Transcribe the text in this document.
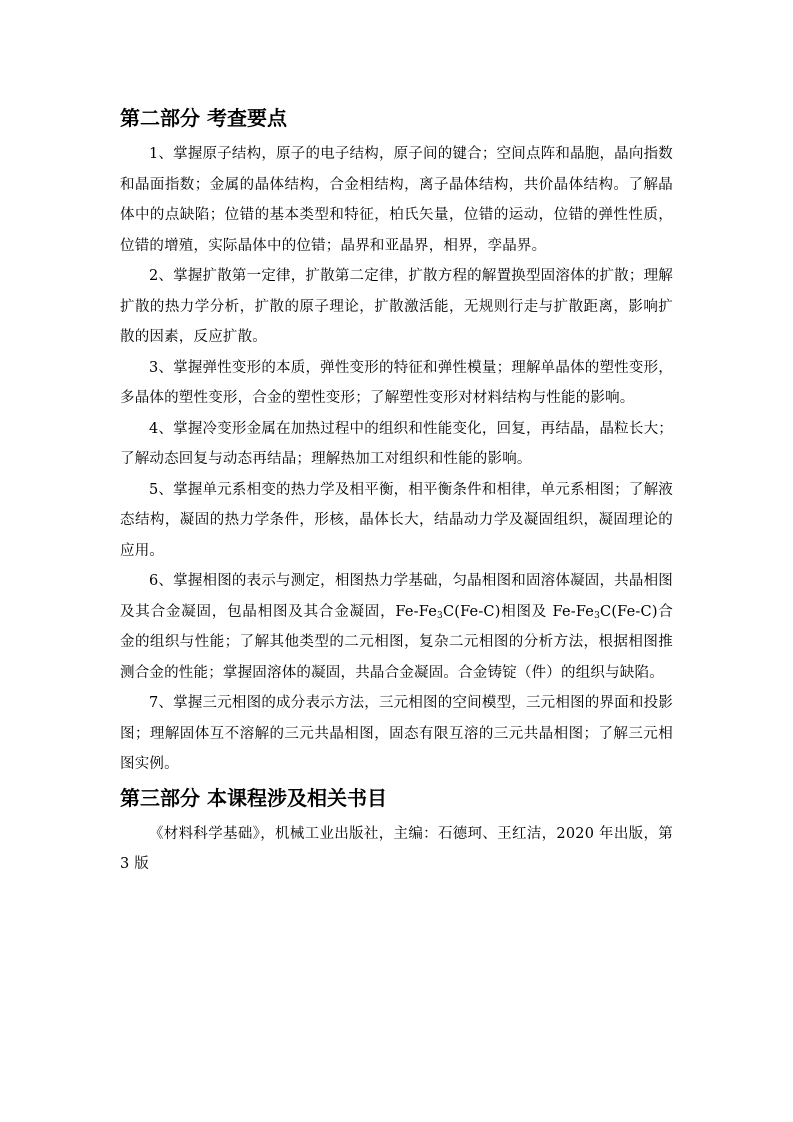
第二部分 考查要点

1、掌握原子结构，原子的电子结构，原子间的键合；空间点阵和晶胞，晶向指数和晶面指数；金属的晶体结构，合金相结构，离子晶体结构，共价晶体结构。了解晶体中的点缺陷；位错的基本类型和特征，柏氏矢量，位错的运动，位错的弹性性质，位错的增殖，实际晶体中的位错；晶界和亚晶界，相界，孪晶界。

2、掌握扩散第一定律，扩散第二定律，扩散方程的解置换型固溶体的扩散；理解扩散的热力学分析，扩散的原子理论，扩散激活能，无规则行走与扩散距离，影响扩散的因素，反应扩散。

3、掌握弹性变形的本质，弹性变形的特征和弹性模量；理解单晶体的塑性变形，多晶体的塑性变形，合金的塑性变形；了解塑性变形对材料结构与性能的影响。

4、掌握冷变形金属在加热过程中的组织和性能变化，回复，再结晶，晶粒长大；了解动态回复与动态再结晶；理解热加工对组织和性能的影响。

5、掌握单元系相变的热力学及相平衡，相平衡条件和相律，单元系相图；了解液态结构，凝固的热力学条件，形核，晶体长大，结晶动力学及凝固组织，凝固理论的应用。

6、掌握相图的表示与测定，相图热力学基础，匀晶相图和固溶体凝固，共晶相图及其合金凝固，包晶相图及其合金凝固，$Fe-Fe_3C(Fe-C)$相图及 $Fe-Fe_3C(Fe-C)$合金的组织与性能；了解其他类型的二元相图，复杂二元相图的分析方法，根据相图推测合金的性能；掌握固溶体的凝固，共晶合金凝固。合金铸锭（件）的组织与缺陷。

7、掌握三元相图的成分表示方法，三元相图的空间模型，三元相图的界面和投影图；理解固体互不溶解的三元共晶相图，固态有限互溶的三元共晶相图；了解三元相图实例。

第三部分 本课程涉及相关书目

《材料科学基础》，机械工业出版社，主编：石德珂、王红洁，2020 年出版，第 3 版
